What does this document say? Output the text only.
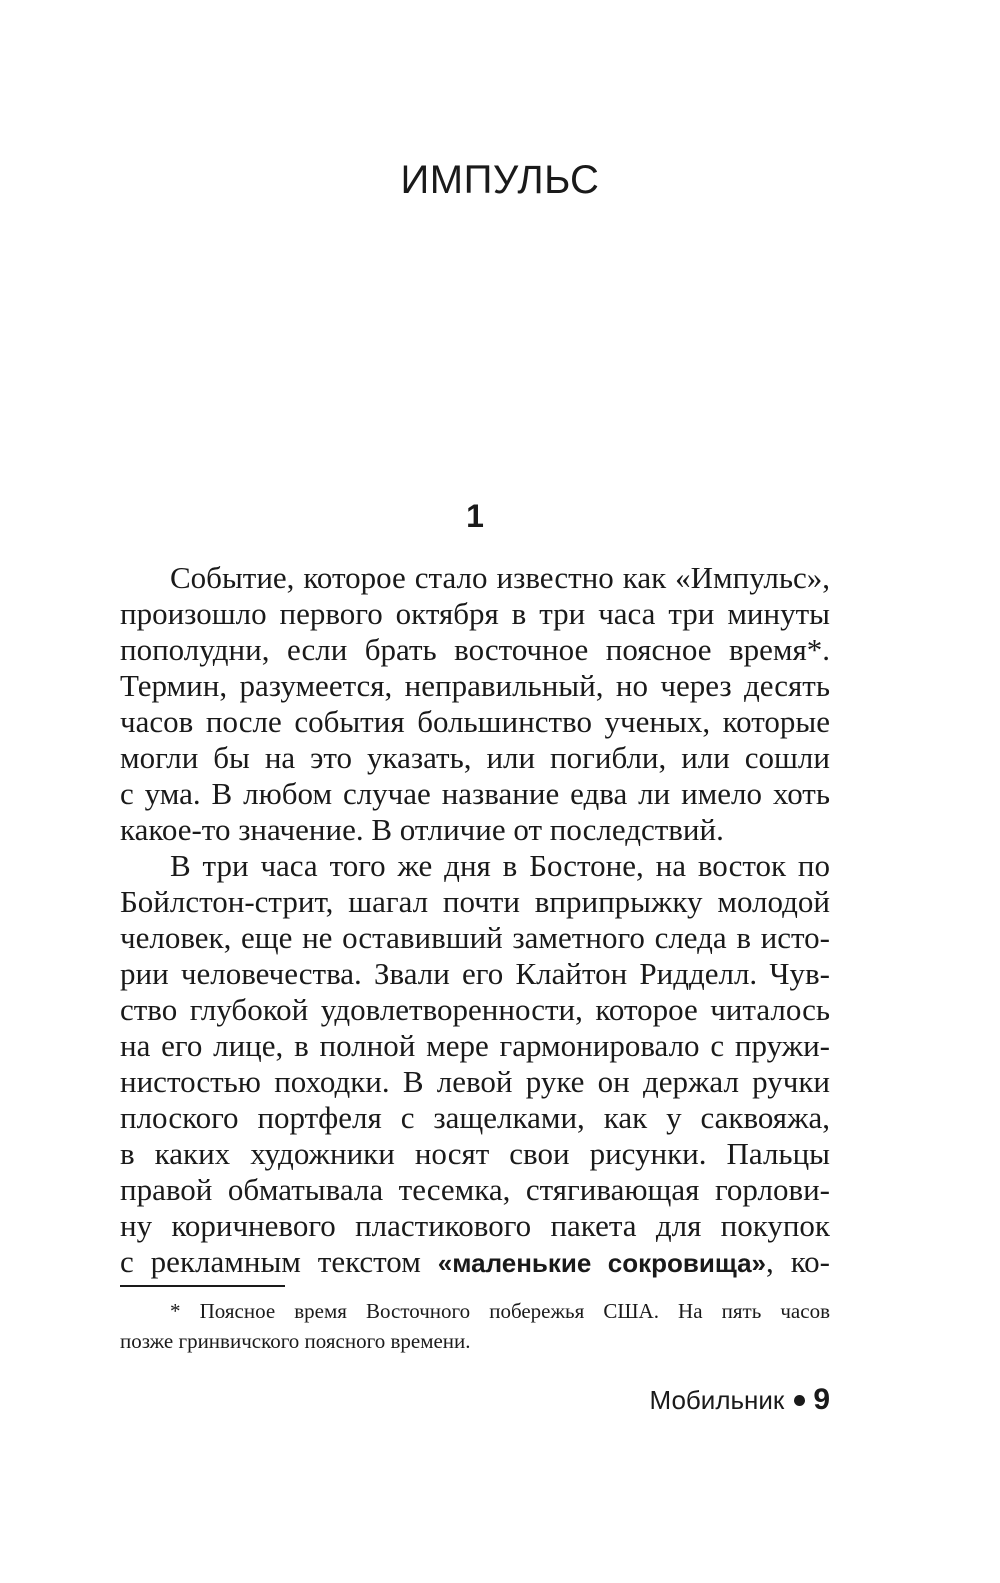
ИМПУЛЬС
1
Событие, которое стало известно как «Импульс»,
произошло первого октября в три часа три минуты
пополудни, если брать восточное поясное время*.
Термин, разумеется, неправильный, но через десять
часов после события большинство ученых, которые
могли бы на это указать, или погибли, или сошли
с ума. В любом случае название едва ли имело хоть
какое-то значение. В отличие от последствий.
В три часа того же дня в Бостоне, на восток по
Бойлстон-стрит, шагал почти вприпрыжку молодой
человек, еще не оставивший заметного следа в исто-
рии человечества. Звали его Клайтон Ридделл. Чув-
ство глубокой удовлетворенности, которое читалось
на его лице, в полной мере гармонировало с пружи-
нистостью походки. В левой руке он держал ручки
плоского портфеля с защелками, как у саквояжа,
в каких художники носят свои рисунки. Пальцы
правой обматывала тесемка, стягивающая горлови-
ну коричневого пластикового пакета для покупок
с рекламным текстом «маленькие сокровища», ко-
* Поясное время Восточного побережья США. На пять часов
позже гринвичского поясного времени.
Мобильник 9
